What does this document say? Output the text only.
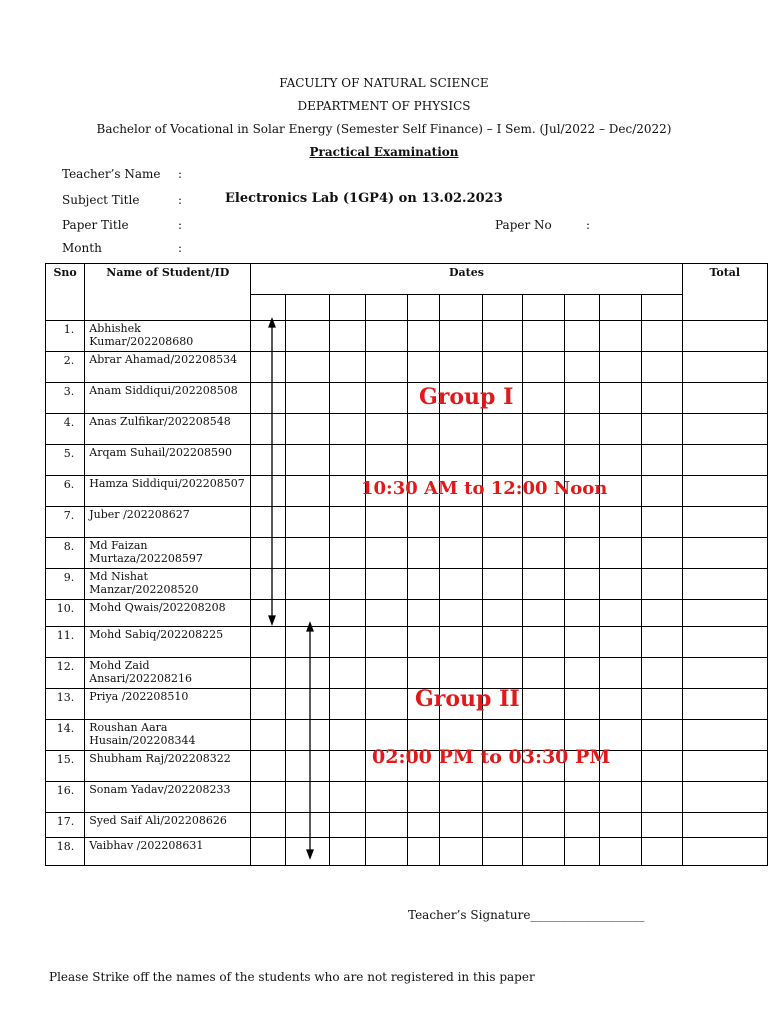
FACULTY OF NATURAL SCIENCE
DEPARTMENT OF PHYSICS
Bachelor of Vocational in Solar Energy (Semester Self Finance) – I Sem. (Jul/2022 – Dec/2022)
Practical Examination
Teacher’s Name :
Subject Title	:	Electronics Lab (1GP4) on 13.02.2023
Paper Title	:	Paper No	:
Month	:
Sno	Name of Student/ID	Dates											Total

1.	Abhishek Kumar/202208680												
2.	Abrar Ahamad/202208534												
3.	Anam Siddiqui/202208508												
4.	Anas Zulfikar/202208548												
5.	Arqam Suhail/202208590												
6.	Hamza Siddiqui/202208507												
7.	Juber /202208627												
8.	Md Faizan Murtaza/202208597												
9.	Md Nishat Manzar/202208520												
10.	Mohd Qwais/202208208												
11.	Mohd Sabiq/202208225												
12.	Mohd Zaid Ansari/202208216												
13.	Priya /202208510												
14.	Roushan Aara Husain/202208344												
15.	Shubham Raj/202208322												
16.	Sonam Yadav/202208233												
17.	Syed Saif Ali/202208626												
18.	Vaibhav /202208631												
Group I
10:30 AM to 12:00 Noon
Group II
02:00 PM to 03:30 PM
Teacher’s Signature___________________
Please Strike off the names of the students who are not registered in this paper
